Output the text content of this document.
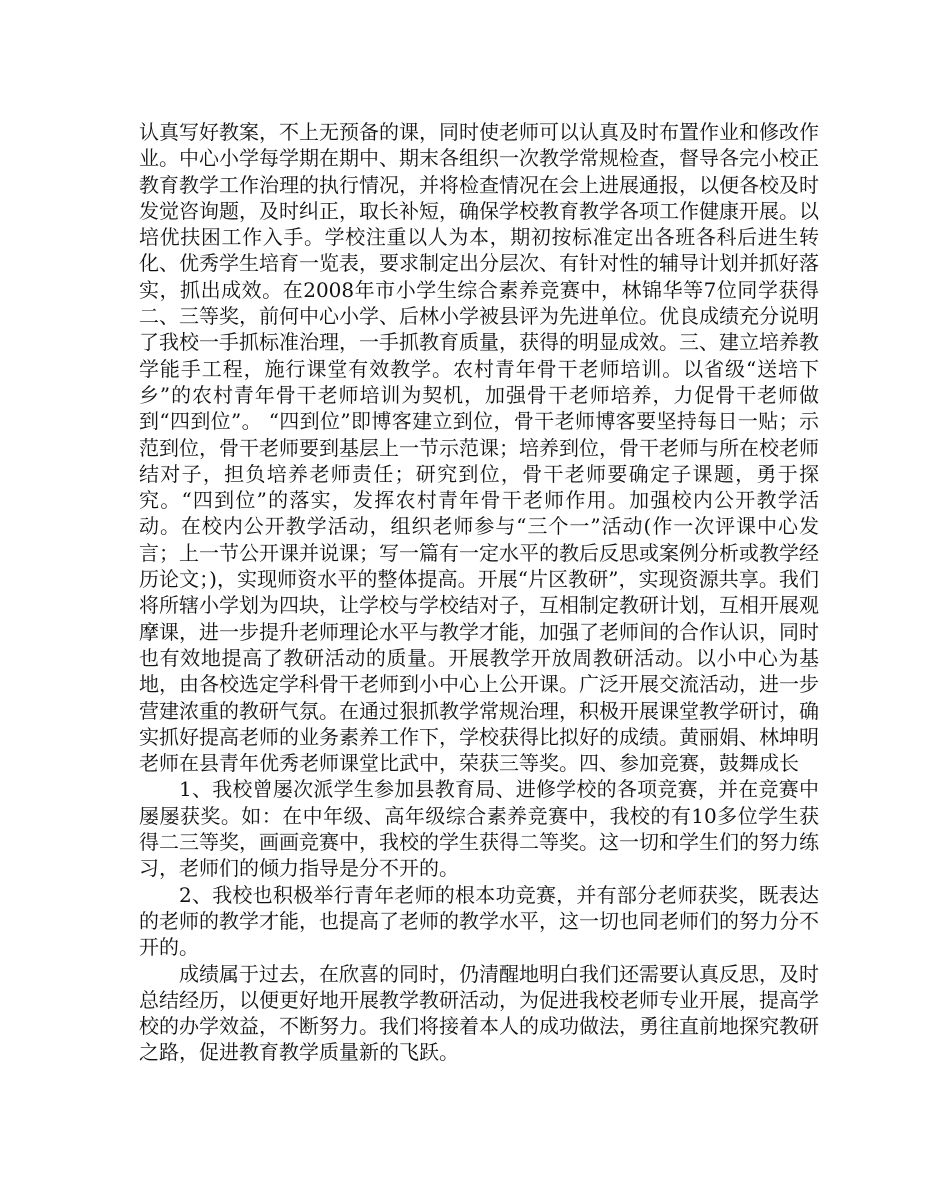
认真写好教案，不上无预备的课，同时使老师可以认真及时布置作业和修改作业。中心小学每学期在期中、期末各组织一次教学常规检查，督导各完小校正教育教学工作治理的执行情况，并将检查情况在会上进展通报，以便各校及时发觉咨询题，及时纠正，取长补短，确保学校教育教学各项工作健康开展。以培优扶困工作入手。学校注重以人为本，期初按标准定出各班各科后进生转化、优秀学生培育一览表，要求制定出分层次、有针对性的辅导计划并抓好落实，抓出成效。在2008年市小学生综合素养竞赛中，林锦华等7位同学获得二、三等奖，前何中心小学、后林小学被县评为先进单位。优良成绩充分说明了我校一手抓标准治理，一手抓教育质量，获得的明显成效。三、建立培养教学能手工程，施行课堂有效教学。农村青年骨干老师培训。以省级“送培下乡”的农村青年骨干老师培训为契机，加强骨干老师培养，力促骨干老师做到“四到位”。 “四到位”即博客建立到位，骨干老师博客要坚持每日一贴；示范到位，骨干老师要到基层上一节示范课；培养到位，骨干老师与所在校老师结对子，担负培养老师责任；研究到位，骨干老师要确定子课题，勇于探究。“四到位”的落实，发挥农村青年骨干老师作用。加强校内公开教学活动。在校内公开教学活动，组织老师参与“三个一”活动(作一次评课中心发言；上一节公开课并说课；写一篇有一定水平的教后反思或案例分析或教学经历论文；)，实现师资水平的整体提高。开展“片区教研”，实现资源共享。我们将所辖小学划为四块，让学校与学校结对子，互相制定教研计划，互相开展观摩课，进一步提升老师理论水平与教学才能，加强了老师间的合作认识，同时也有效地提高了教研活动的质量。开展教学开放周教研活动。以小中心为基地，由各校选定学科骨干老师到小中心上公开课。广泛开展交流活动，进一步营建浓重的教研气氛。在通过狠抓教学常规治理，积极开展课堂教学研讨，确实抓好提高老师的业务素养工作下，学校获得比拟好的成绩。黄丽娟、林坤明老师在县青年优秀老师课堂比武中，荣获三等奖。四、参加竞赛，鼓舞成长

1、我校曾屡次派学生参加县教育局、进修学校的各项竞赛，并在竞赛中屡屡获奖。如：在中年级、高年级综合素养竞赛中，我校的有10多位学生获得二三等奖，画画竞赛中，我校的学生获得二等奖。这一切和学生们的努力练习，老师们的倾力指导是分不开的。

2、我校也积极举行青年老师的根本功竞赛，并有部分老师获奖，既表达的老师的教学才能，也提高了老师的教学水平，这一切也同老师们的努力分不开的。

成绩属于过去，在欣喜的同时，仍清醒地明白我们还需要认真反思，及时总结经历，以便更好地开展教学教研活动，为促进我校老师专业开展，提高学校的办学效益，不断努力。我们将接着本人的成功做法，勇往直前地探究教研之路，促进教育教学质量新的飞跃。
